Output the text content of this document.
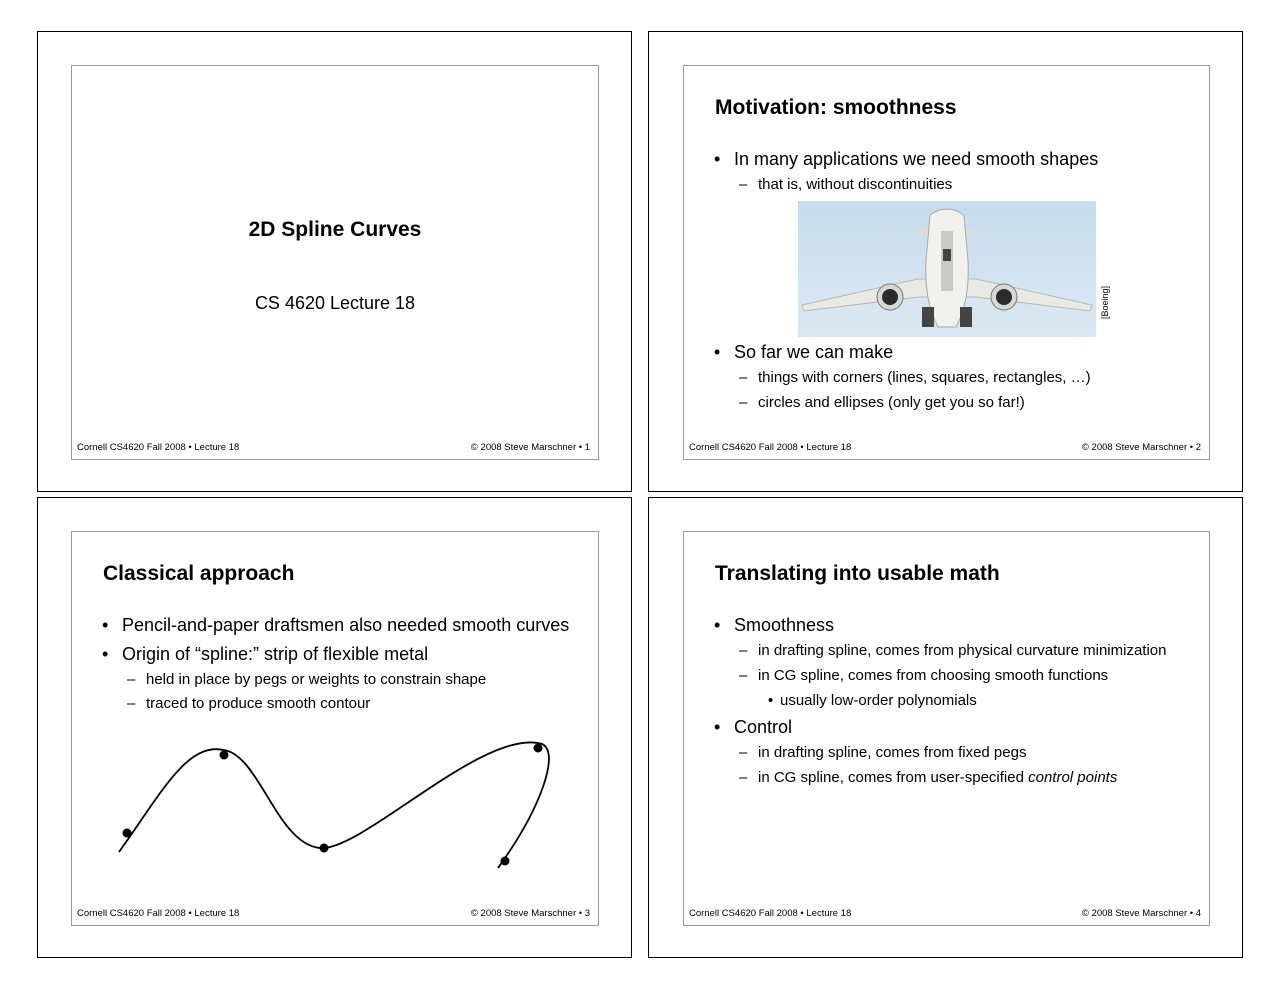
2D Spline Curves
CS 4620 Lecture 18
Cornell CS4620 Fall 2008 • Lecture 18	© 2008 Steve Marschner • 1
Motivation: smoothness
• In many applications we need smooth shapes
– that is, without discontinuities
[Boeing]
• So far we can make
– things with corners (lines, squares, rectangles, …)
– circles and ellipses (only get you so far!)
Cornell CS4620 Fall 2008 • Lecture 18	© 2008 Steve Marschner • 2
Classical approach
• Pencil-and-paper draftsmen also needed smooth curves
• Origin of “spline:” strip of flexible metal
– held in place by pegs or weights to constrain shape
– traced to produce smooth contour
Cornell CS4620 Fall 2008 • Lecture 18	© 2008 Steve Marschner • 3
Translating into usable math
• Smoothness
– in drafting spline, comes from physical curvature minimization
– in CG spline, comes from choosing smooth functions
• usually low-order polynomials
• Control
– in drafting spline, comes from fixed pegs
– in CG spline, comes from user-specified control points
Cornell CS4620 Fall 2008 • Lecture 18	© 2008 Steve Marschner • 4
